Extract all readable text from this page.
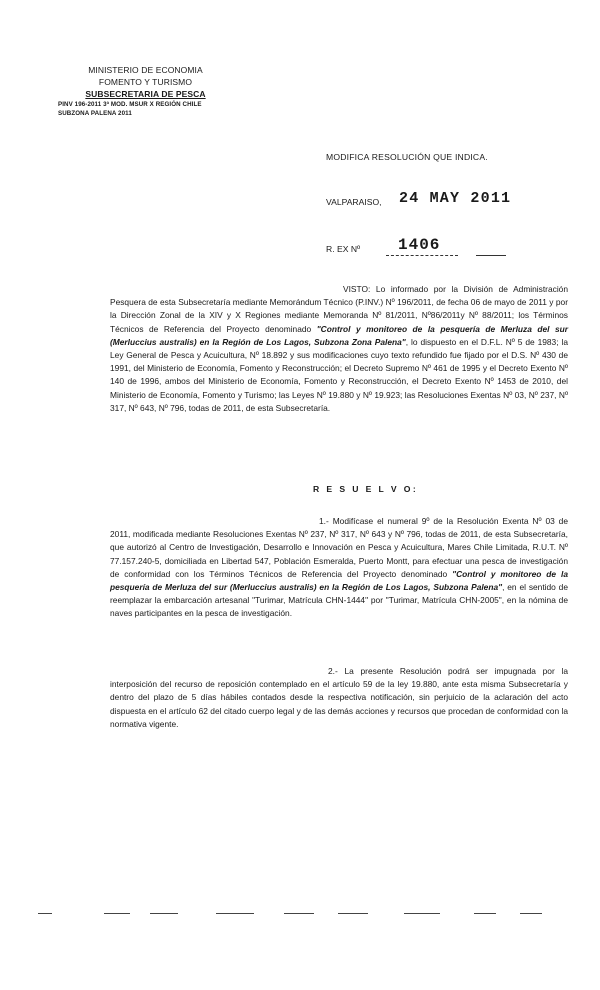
MINISTERIO DE ECONOMIA
FOMENTO Y TURISMO
SUBSECRETARIA DE PESCA
PINV 196-2011 3ª MOD. MSUR X REGIÓN CHILE
SUBZONA PALENA 2011
MODIFICA RESOLUCIÓN QUE INDICA.
VALPARAISO, 24 MAY 2011
R. EX Nº 1406
VISTO: Lo informado por la División de Administración Pesquera de esta Subsecretaría mediante Memorándum Técnico (P.INV.) Nº 196/2011, de fecha 06 de mayo de 2011 y por la Dirección Zonal de la XIV y X Regiones mediante Memoranda Nº 81/2011, Nº86/2011y Nº 88/2011; los Términos Técnicos de Referencia del Proyecto denominado "Control y monitoreo de la pesquería de Merluza del sur (Merluccius australis) en la Región de Los Lagos, Subzona Zona Palena", lo dispuesto en el D.F.L. Nº 5 de 1983; la Ley General de Pesca y Acuicultura, Nº 18.892 y sus modificaciones cuyo texto refundido fue fijado por el D.S. Nº 430 de 1991, del Ministerio de Economía, Fomento y Reconstrucción; el Decreto Supremo Nº 461 de 1995 y el Decreto Exento Nº 140 de 1996, ambos del Ministerio de Economía, Fomento y Reconstrucción, el Decreto Exento Nº 1453 de 2010, del Ministerio de Economía, Fomento y Turismo; las Leyes Nº 19.880 y Nº 19.923; las Resoluciones Exentas Nº 03, Nº 237, Nº 317, Nº 643, Nº 796, todas de 2011, de esta Subsecretaría.
R E S U E L V O:
1.- Modifícase el numeral 9º de la Resolución Exenta Nº 03 de 2011, modificada mediante Resoluciones Exentas Nº 237, Nº 317, Nº 643 y Nº 796, todas de 2011, de esta Subsecretaría, que autorizó al Centro de Investigación, Desarrollo e Innovación en Pesca y Acuicultura, Mares Chile Limitada, R.U.T. Nº 77.157.240-5, domiciliada en Libertad 547, Población Esmeralda, Puerto Montt, para efectuar una pesca de investigación de conformidad con los Términos Técnicos de Referencia del Proyecto denominado "Control y monitoreo de la pesquería de Merluza del sur (Merluccius australis) en la Región de Los Lagos, Subzona Palena", en el sentido de reemplazar la embarcación artesanal "Turimar, Matrícula CHN-1444" por "Turimar, Matrícula CHN-2005", en la nómina de naves participantes en la pesca de investigación.
2.- La presente Resolución podrá ser impugnada por la interposición del recurso de reposición contemplado en el artículo 59 de la ley 19.880, ante esta misma Subsecretaría y dentro del plazo de 5 días hábiles contados desde la respectiva notificación, sin perjuicio de la aclaración del acto dispuesta en el artículo 62 del citado cuerpo legal y de las demás acciones y recursos que procedan de conformidad con la normativa vigente.
